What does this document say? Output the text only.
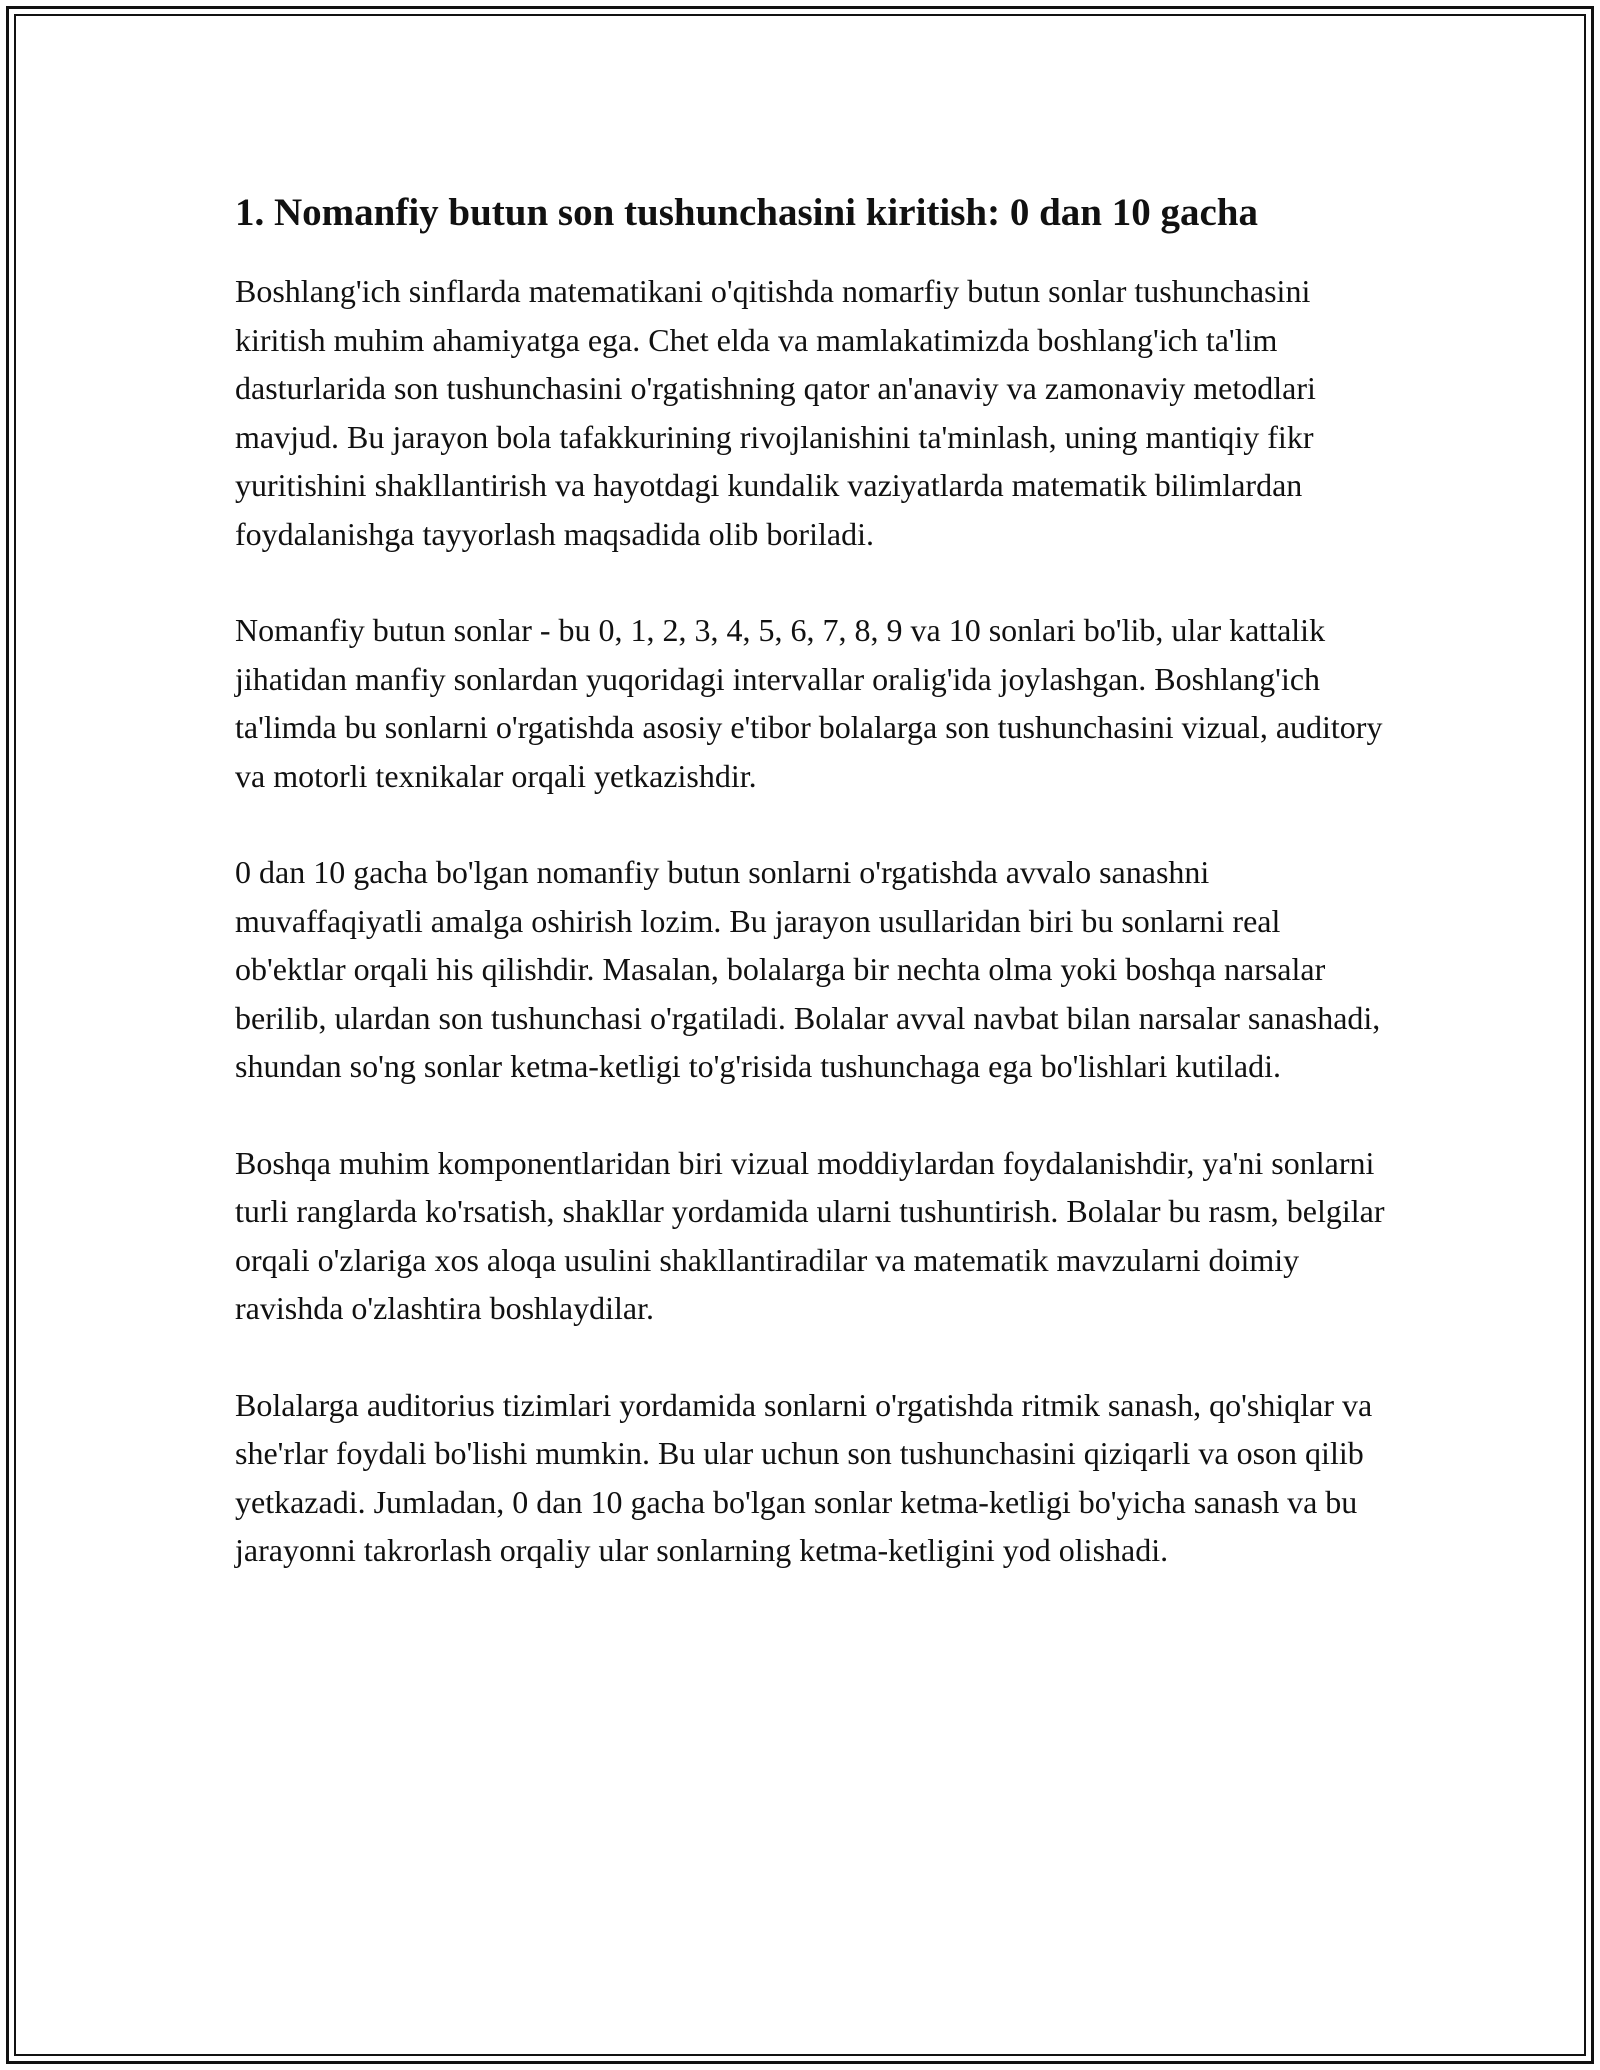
1. Nomanfiy butun son tushunchasini kiritish: 0 dan 10 gacha

Boshlang'ich sinflarda matematikani o'qitishda nomarfiy butun sonlar tushunchasini kiritish muhim ahamiyatga ega. Chet elda va mamlakatimizda boshlang'ich ta'lim dasturlarida son tushunchasini o'rgatishning qator an'anaviy va zamonaviy metodlari mavjud. Bu jarayon bola tafakkurining rivojlanishini ta'minlash, uning mantiqiy fikr yuritishini shakllantirish va hayotdagi kundalik vaziyatlarda matematik bilimlardan foydalanishga tayyorlash maqsadida olib boriladi.

Nomanfiy butun sonlar - bu 0, 1, 2, 3, 4, 5, 6, 7, 8, 9 va 10 sonlari bo'lib, ular kattalik jihatidan manfiy sonlardan yuqoridagi intervallar oralig'ida joylashgan. Boshlang'ich ta'limda bu sonlarni o'rgatishda asosiy e'tibor bolalarga son tushunchasini vizual, auditory va motorli texnikalar orqali yetkazishdir.

0 dan 10 gacha bo'lgan nomanfiy butun sonlarni o'rgatishda avvalo sanashni muvaffaqiyatli amalga oshirish lozim. Bu jarayon usullaridan biri bu sonlarni real ob'ektlar orqali his qilishdir. Masalan, bolalarga bir nechta olma yoki boshqa narsalar berilib, ulardan son tushunchasi o'rgatiladi. Bolalar avval navbat bilan narsalar sanashadi, shundan so'ng sonlar ketma-ketligi to'g'risida tushunchaga ega bo'lishlari kutiladi.

Boshqa muhim komponentlaridan biri vizual moddiylardan foydalanishdir, ya'ni sonlarni turli ranglarda ko'rsatish, shakllar yordamida ularni tushuntirish. Bolalar bu rasm, belgilar orqali o'zlariga xos aloqa usulini shakllantiradilar va matematik mavzularni doimiy ravishda o'zlashtira boshlaydilar.

Bolalarga auditorius tizimlari yordamida sonlarni o'rgatishda ritmik sanash, qo'shiqlar va she'rlar foydali bo'lishi mumkin. Bu ular uchun son tushunchasini qiziqarli va oson qilib yetkazadi. Jumladan, 0 dan 10 gacha bo'lgan sonlar ketma-ketligi bo'yicha sanash va bu jarayonni takrorlash orqaliy ular sonlarning ketma-ketligini yod olishadi.
